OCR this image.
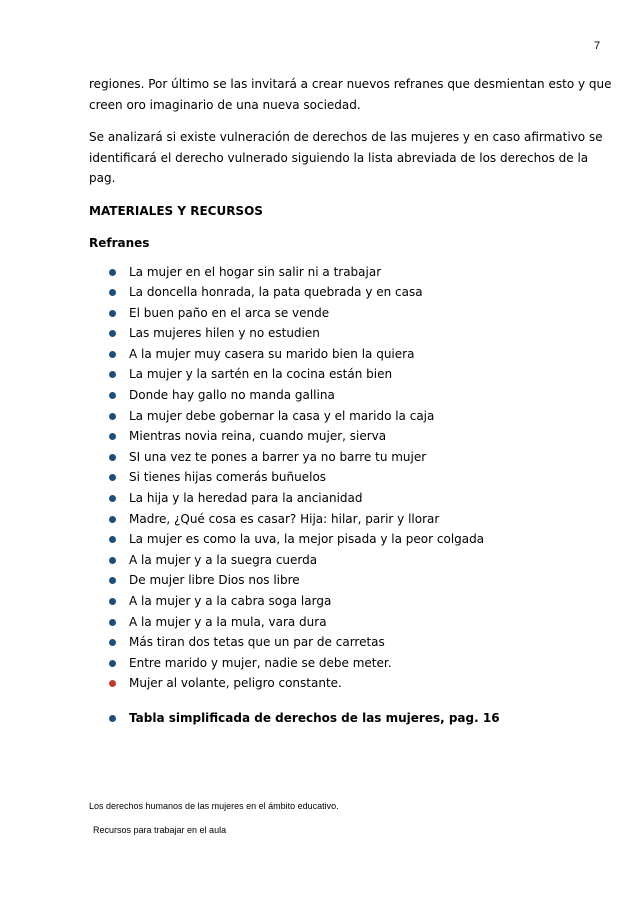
7

regiones. Por último se las invitará a crear nuevos refranes que desmientan esto y que creen oro imaginario de una nueva sociedad.

Se analizará si existe vulneración de derechos de las mujeres y en caso afirmativo se identificará el derecho vulnerado siguiendo la lista abreviada de los derechos de la pag.

MATERIALES Y RECURSOS

Refranes

La mujer en el hogar sin salir ni a trabajar
La doncella honrada, la pata quebrada y en casa
El buen paño en el arca se vende
Las mujeres hilen y no estudien
A la mujer muy casera su marido bien la quiera
La mujer y la sartén en la cocina están bien
Donde hay gallo no manda gallina
La mujer debe gobernar la casa y el marido la caja
Mientras novia reina, cuando mujer, sierva
SI una vez te pones a barrer ya no barre tu mujer
Si tienes hijas comerás buñuelos
La hija y la heredad para la ancianidad
Madre, ¿Qué cosa es casar? Hija: hilar, parir y llorar
La mujer es como la uva, la mejor pisada y la peor colgada
A la mujer y a la suegra cuerda
De mujer libre Dios nos libre
A la mujer y a la cabra soga larga
A la mujer y a la mula, vara dura
Más tiran dos tetas que un par de carretas
Entre marido y mujer, nadie se debe meter.
Mujer al volante, peligro constante.
Tabla simplificada de derechos de las mujeres, pag. 16
Los derechos humanos de las mujeres en el ámbito educativo.
Recursos para trabajar en el aula
